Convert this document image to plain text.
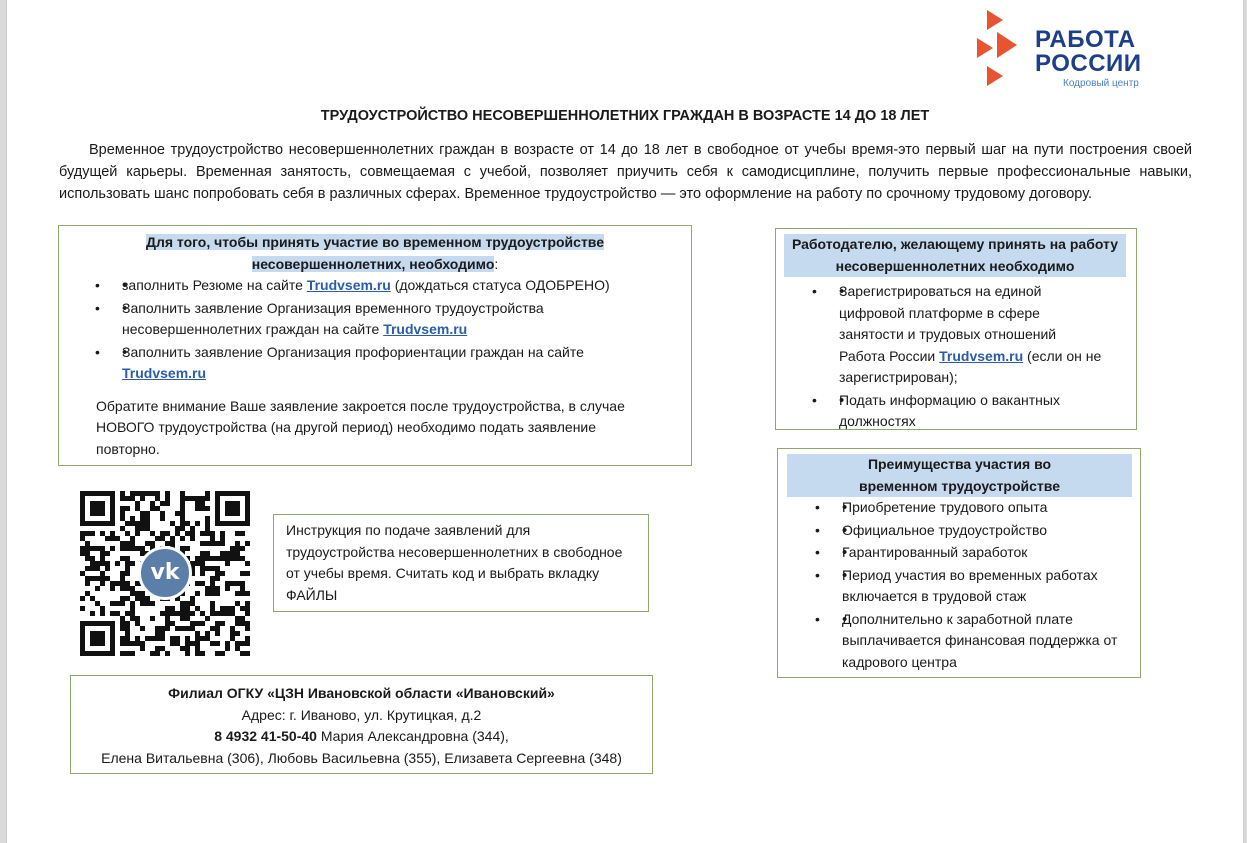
РАБОТА
РОССИИ
Кодровый центр
ТРУДОУСТРОЙСТВО НЕСОВЕРШЕННОЛЕТНИХ ГРАЖДАН В ВОЗРАСТЕ 14 ДО 18 ЛЕТ
Временное трудоустройство несовершеннолетних граждан в возрасте от 14 до 18 лет в свободное от учебы время-это первый шаг на пути построения своей будущей карьеры. Временная занятость, совмещаемая с учебой, позволяет приучить себя к самодисциплине, получить первые профессиональные навыки, использовать шанс попробовать себя в различных сферах. Временное трудоустройство — это оформление на работу по срочному трудовому договору.
Для того, чтобы принять участие во временном трудоустройстве
несовершеннолетних, необходимо:
• • заполнить Резюме на сайте Trudvsem.ru (дождаться статуса ОДОБРЕНО)
• • Заполнить заявление Организация временного трудоустройства несовершеннолетних граждан на сайте Trudvsem.ru
• • Заполнить заявление Организация профориентации граждан на сайте Trudvsem.ru
Обратите внимание Ваше заявление закроется после трудоустройства, в случае НОВОГО трудоустройства (на другой период) необходимо подать заявление повторно.
Работодателю, желающему принять на работу несовершеннолетних необходимо
• • Зарегистрироваться на единой цифровой платформе в сфере занятости и трудовых отношений Работа России Trudvsem.ru (если он не зарегистрирован);
• • Подать информацию о вакантных должностях
Преимущества участия во временном трудоустройстве
• • Приобретение трудового опыта
• • Официальное трудоустройство
• • Гарантированный заработок
• • Период участия во временных работах включается в трудовой стаж
• • Дополнительно к заработной плате выплачивается финансовая поддержка от кадрового центра
vk
Инструкция по подаче заявлений для трудоустройства несовершеннолетних в свободное от учебы время. Считать код и выбрать вкладку ФАЙЛЫ
Филиал ОГКУ «ЦЗН Ивановской области «Ивановский»
Адрес: г. Иваново, ул. Крутицкая, д.2
8 4932 41-50-40 Мария Александровна (344),
Елена Витальевна (306), Любовь Васильевна (355), Елизавета Сергеевна (348)
